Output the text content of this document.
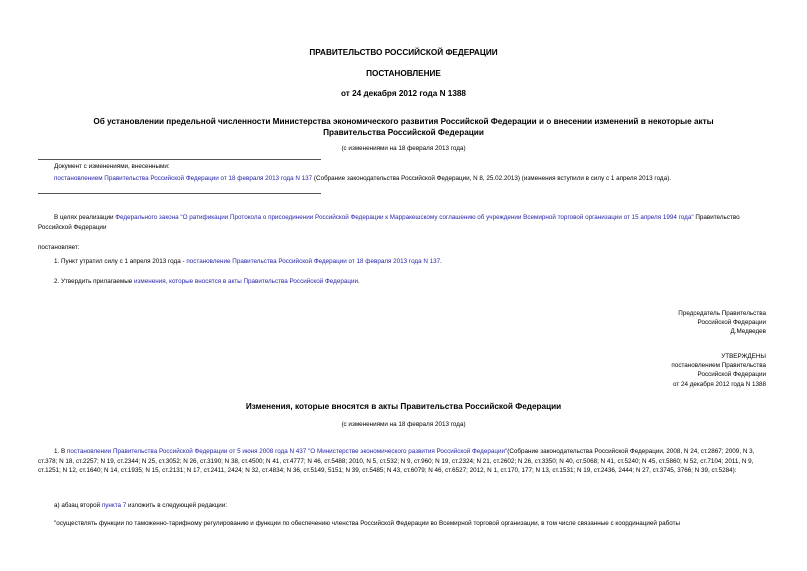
ПРАВИТЕЛЬСТВО РОССИЙСКОЙ ФЕДЕРАЦИИ
ПОСТАНОВЛЕНИЕ
от 24 декабря 2012 года N 1388
Об установлении предельной численности Министерства экономического развития Российской Федерации и о внесении изменений в некоторые акты Правительства Российской Федерации
(с изменениями на 18 февраля 2013 года)
Документ с изменениями, внесенными:
постановлением Правительства Российской Федерации от 18 февраля 2013 года N 137 (Собрание законодательства Российской Федерации, N 8, 25.02.2013) (изменения вступили в силу с 1 апреля 2013 года).
В целях реализации Федерального закона "О ратификации Протокола о присоединении Российской Федерации к Марракешскому соглашению об учреждении Всемирной торговой организации от 15 апреля 1994 года" Правительство Российской Федерации
постановляет:
1. Пункт утратил силу с 1 апреля 2013 года - постановление Правительства Российской Федерации от 18 февраля 2013 года N 137.
2. Утвердить прилагаемые изменения, которые вносятся в акты Правительства Российской Федерации.
Председатель Правительства
Российской Федерации
Д.Медведев
УТВЕРЖДЕНЫ
постановлением Правительства
Российской Федерации
от 24 декабря 2012 года N 1388
Изменения, которые вносятся в акты Правительства Российской Федерации
(с изменениями на 18 февраля 2013 года)
1. В постановлении Правительства Российской Федерации от 5 июня 2008 года N 437 "О Министерстве экономического развития Российской Федерации"(Собрание законодательства Российской Федерации, 2008, N 24, ст.2867; 2009, N 3, ст.378; N 18, ст.2257; N 19, ст.2344; N 25, ст.3052; N 26, ст.3190; N 38, ст.4500; N 41, ст.4777; N 46, ст.5488; 2010, N 5, ст.532; N 9, ст.960; N 19, ст.2324; N 21, ст.2602; N 26, ст.3350; N 40, ст.5068; N 41, ст.5240; N 45, ст.5860; N 52, ст.7104; 2011, N 9, ст.1251; N 12, ст.1640; N 14, ст.1935; N 15, ст.2131; N 17, ст.2411, 2424; N 32, ст.4834; N 36, ст.5149, 5151; N 39, ст.5485; N 43, ст.6079; N 46, ст.6527; 2012, N 1, ст.170, 177; N 13, ст.1531; N 19, ст.2436, 2444; N 27, ст.3745, 3766; N 39, ст.5284):
а) абзац второй пункта 7 изложить в следующей редакции:
"осуществлять функции по таможенно-тарифному регулированию и функции по обеспечению членства Российской Федерации во Всемирной торговой организации, в том числе связанные с координацией работы
